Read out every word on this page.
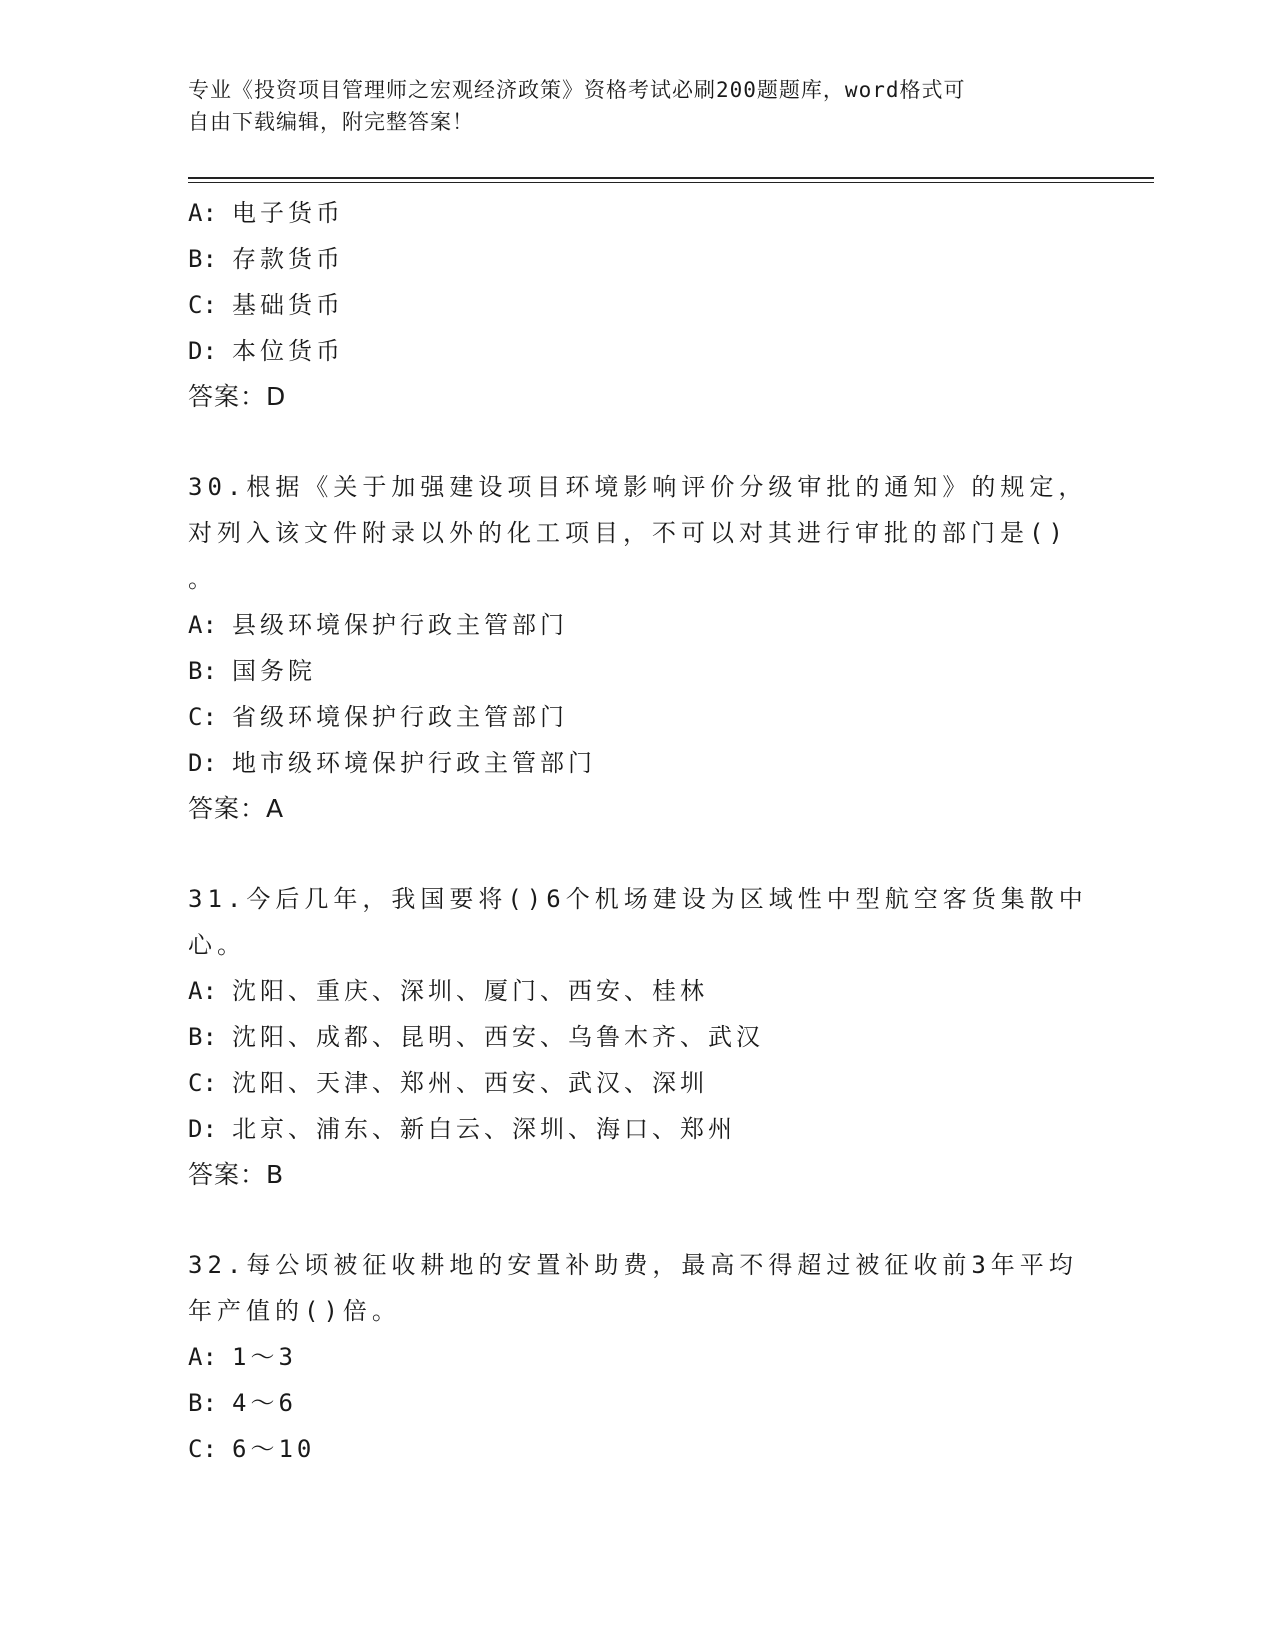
专业《投资项目管理师之宏观经济政策》资格考试必刷200题题库，word格式可
自由下载编辑，附完整答案！
A: 电子货币
B: 存款货币
C: 基础货币
D: 本位货币
答案：D
30.根据《关于加强建设项目环境影响评价分级审批的通知》的规定，
对列入该文件附录以外的化工项目，不可以对其进行审批的部门是()
。
A: 县级环境保护行政主管部门
B: 国务院
C: 省级环境保护行政主管部门
D: 地市级环境保护行政主管部门
答案：A
31.今后几年，我国要将()6个机场建设为区域性中型航空客货集散中
心。
A: 沈阳、重庆、深圳、厦门、西安、桂林
B: 沈阳、成都、昆明、西安、乌鲁木齐、武汉
C: 沈阳、天津、郑州、西安、武汉、深圳
D: 北京、浦东、新白云、深圳、海口、郑州
答案：B
32.每公顷被征收耕地的安置补助费，最高不得超过被征收前3年平均
年产值的()倍。
A: 1～3
B: 4～6
C: 6～10
